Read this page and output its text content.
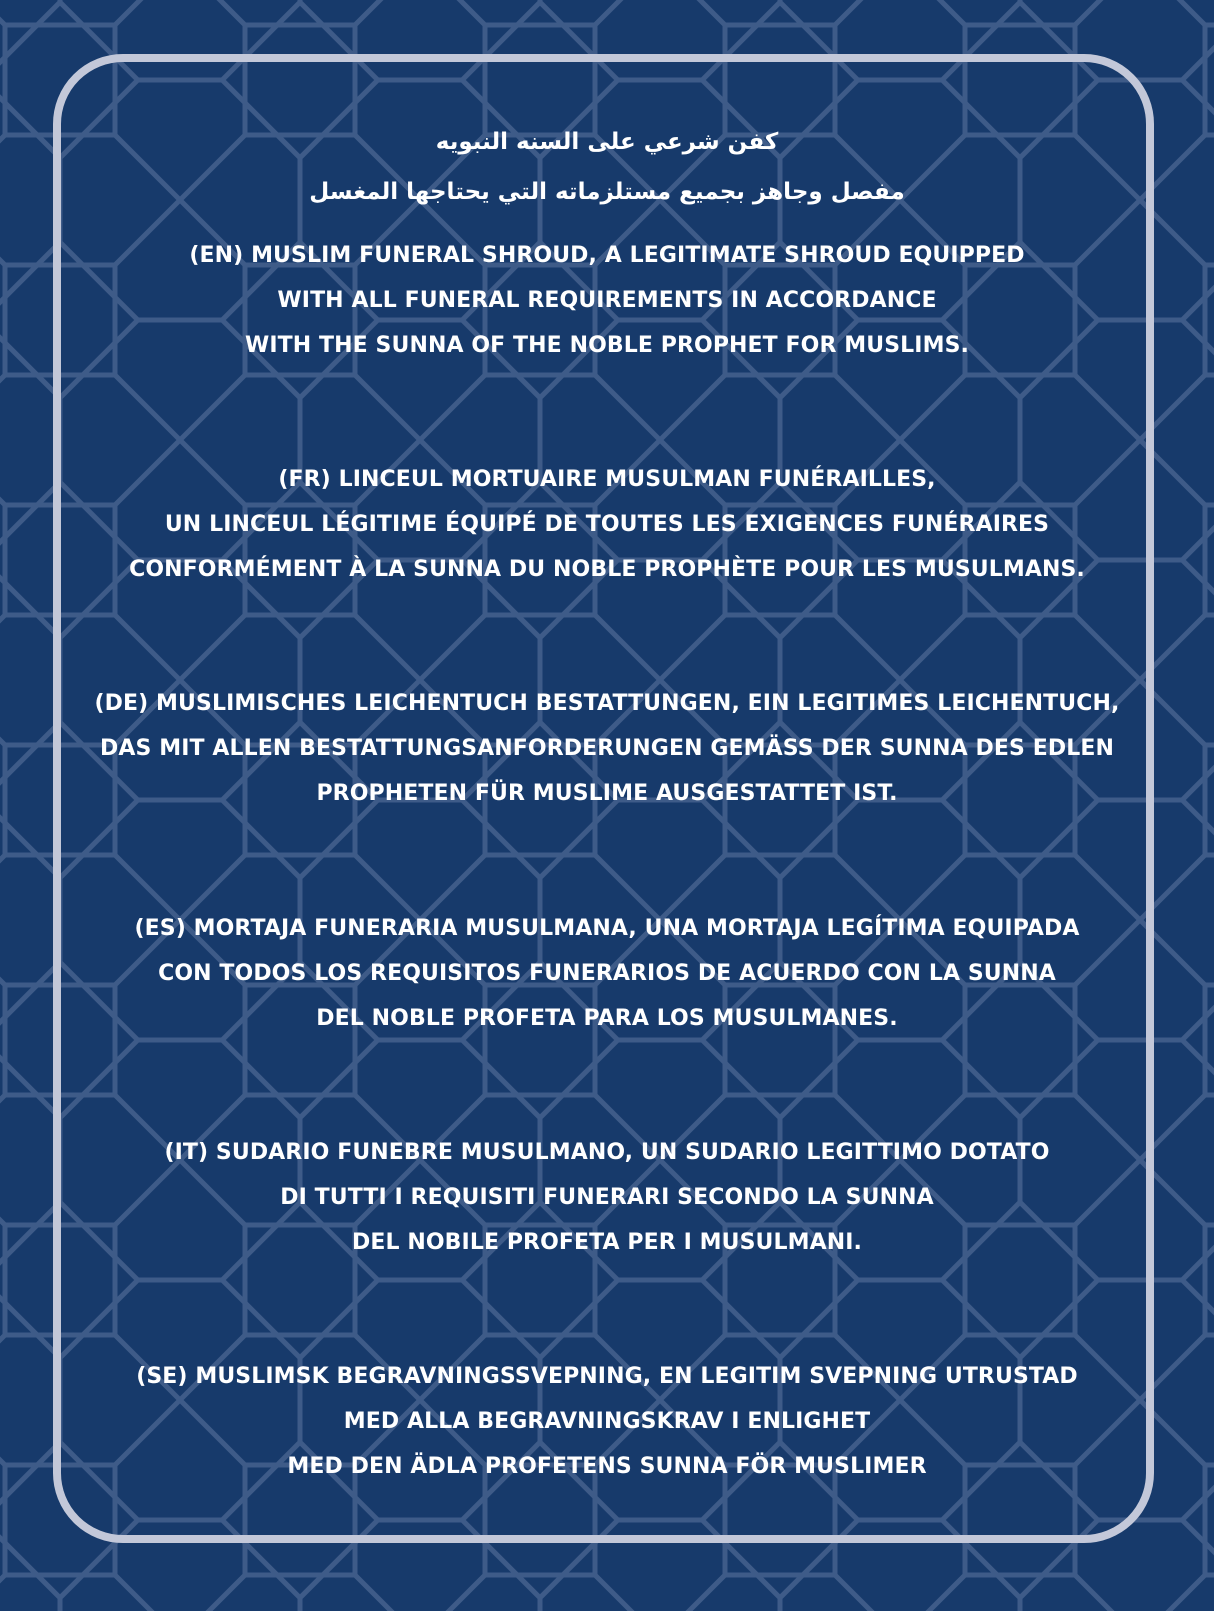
كفن شرعي على السنه النبويه
مفصل وجاهز بجميع مستلزماته التي يحتاجها المغسل
(EN) MUSLIM FUNERAL SHROUD, A LEGITIMATE SHROUD EQUIPPED
WITH ALL FUNERAL REQUIREMENTS IN ACCORDANCE
WITH THE SUNNA OF THE NOBLE PROPHET FOR MUSLIMS.
(FR) LINCEUL MORTUAIRE MUSULMAN FUNÉRAILLES,
UN LINCEUL LÉGITIME ÉQUIPÉ DE TOUTES LES EXIGENCES FUNÉRAIRES
CONFORMÉMENT À LA SUNNA DU NOBLE PROPHÈTE POUR LES MUSULMANS.
(DE) MUSLIMISCHES LEICHENTUCH BESTATTUNGEN, EIN LEGITIMES LEICHENTUCH,
DAS MIT ALLEN BESTATTUNGSANFORDERUNGEN GEMÄSS DER SUNNA DES EDLEN
PROPHETEN FÜR MUSLIME AUSGESTATTET IST.
(ES) MORTAJA FUNERARIA MUSULMANA, UNA MORTAJA LEGÍTIMA EQUIPADA
CON TODOS LOS REQUISITOS FUNERARIOS DE ACUERDO CON LA SUNNA
DEL NOBLE PROFETA PARA LOS MUSULMANES.
(IT) SUDARIO FUNEBRE MUSULMANO, UN SUDARIO LEGITTIMO DOTATO
DI TUTTI I REQUISITI FUNERARI SECONDO LA SUNNA
DEL NOBILE PROFETA PER I MUSULMANI.
(SE) MUSLIMSK BEGRAVNINGSSVEPNING, EN LEGITIM SVEPNING UTRUSTAD
MED ALLA BEGRAVNINGSKRAV I ENLIGHET
MED DEN ÄDLA PROFETENS SUNNA FÖR MUSLIMER
